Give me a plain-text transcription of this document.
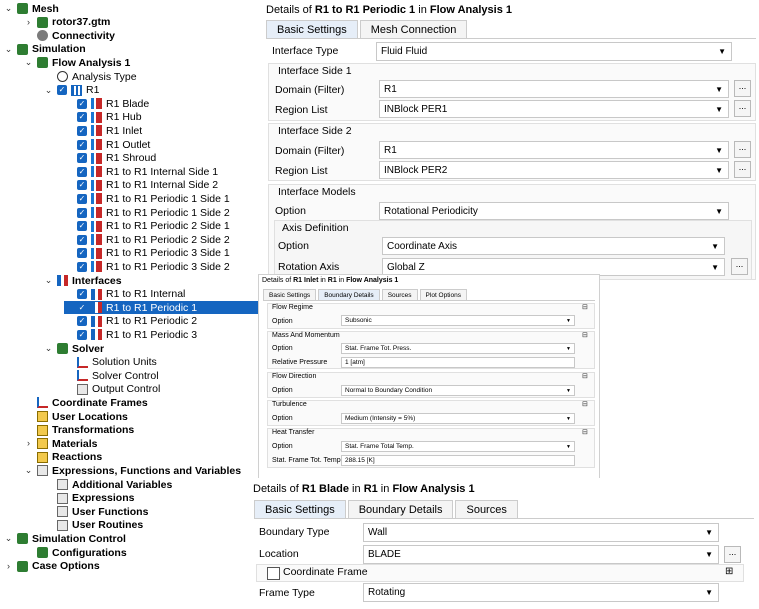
⌄ Mesh
› rotor37.gtm
Connectivity
⌄ Simulation
⌄ Flow Analysis 1
Analysis Type
⌄ ✓ R1
✓ R1 Blade
✓ R1 Hub
✓ R1 Inlet
✓ R1 Outlet
✓ R1 Shroud
✓ R1 to R1 Internal Side 1
✓ R1 to R1 Internal Side 2
✓ R1 to R1 Periodic 1 Side 1
✓ R1 to R1 Periodic 1 Side 2
✓ R1 to R1 Periodic 2 Side 1
✓ R1 to R1 Periodic 2 Side 2
✓ R1 to R1 Periodic 3 Side 1
✓ R1 to R1 Periodic 3 Side 2
⌄ Interfaces
✓ R1 to R1 Internal
✓ R1 to R1 Periodic 1
✓ R1 to R1 Periodic 2
✓ R1 to R1 Periodic 3
⌄ Solver
Solution Units
Solver Control
Output Control
Coordinate Frames
User Locations
Transformations
› Materials
Reactions
⌄ Expressions, Functions and Variables
Additional Variables
Expressions
User Functions
User Routines
⌄ Simulation Control
Configurations
› Case Options
Details of R1 to R1 Periodic 1 in Flow Analysis 1
Basic Settings	Mesh Connection
Interface Type	Fluid Fluid	▼
Interface Side 1
Domain (Filter)	R1	▼	...
Region List	INBlock PER1	▼	...
Interface Side 2
Domain (Filter)	R1	▼	...
Region List	INBlock PER2	▼	...
Interface Models
Option	Rotational Periodicity	▼
Axis Definition
Option	Coordinate Axis	▼
Rotation Axis	Global Z	▼	...
Details of R1 Inlet in R1 in Flow Analysis 1
Basic Settings	Boundary Details	Sources	Plot Options
Flow Regime	⊟
Option	Subsonic	▼
Mass And Momentum	⊟
Option	Stat. Frame Tot. Press.	▼
Relative Pressure	1 [atm]
Flow Direction	⊟
Option	Normal to Boundary Condition	▼
Turbulence	⊟
Option	Medium (Intensity = 5%)	▼
Heat Transfer	⊟
Option	Stat. Frame Total Temp.	▼
Stat. Frame Tot. Temp 288.15 [K]
Details of R1 Blade in R1 in Flow Analysis 1
Basic Settings	Boundary Details	Sources
Boundary Type	Wall	▼
Location	BLADE	▼	...
Coordinate Frame	⊞
Frame Type	Rotating	▼
